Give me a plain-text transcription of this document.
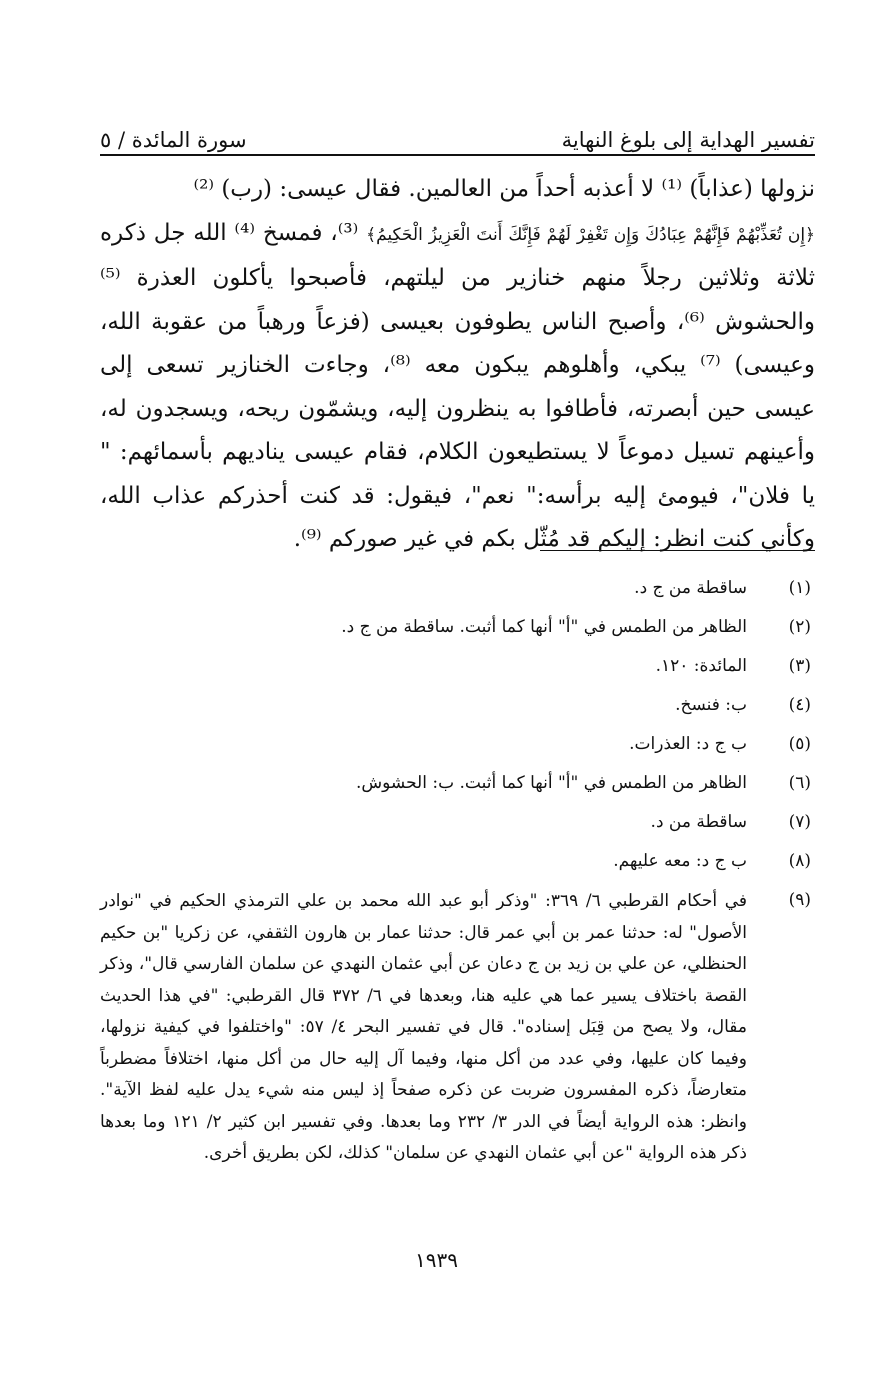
تفسير الهداية إلى بلوغ النهاية
سورة المائدة / ٥

نزولها (عذاباً) ⁽¹⁾ لا أعذبه أحداً من العالمين. فقال عيسى: (رب) ⁽²⁾
﴿إِن تُعَذِّبْهُمْ فَإِنَّهُمْ عِبَادُكَ وَإِن تَغْفِرْ لَهُمْ فَإِنَّكَ أَنتَ الْعَزِيزُ الْحَكِيمُ﴾ ⁽³⁾، فمسخ ⁽⁴⁾ الله جل ذكره ثلاثة وثلاثين رجلاً منهم خنازير من ليلتهم، فأصبحوا يأكلون العذرة ⁽⁵⁾ والحشوش ⁽⁶⁾، وأصبح الناس يطوفون بعيسى (فزعاً ورهباً من عقوبة الله، وعيسى) ⁽⁷⁾ يبكي، وأهلوهم يبكون معه ⁽⁸⁾، وجاءت الخنازير تسعى إلى عيسى حين أبصرته، فأطافوا به ينظرون إليه، ويشمّون ريحه، ويسجدون له، وأعينهم تسيل دموعاً لا يستطيعون الكلام، فقام عيسى يناديهم بأسمائهم: " يا فلان"، فيومئ إليه برأسه:" نعم"، فيقول: قد كنت أحذركم عذاب الله، وكأني كنت انظر: إليكم قد مُثّل بكم في غير صوركم ⁽⁹⁾.

(١)
ساقطة من ج د.
(٢)
الظاهر من الطمس في "أ" أنها كما أثبت. ساقطة من ج د.
(٣)
المائدة: ١٢٠.
(٤)
ب: فنسخ.
(٥)
ب ج د: العذرات.
(٦)
الظاهر من الطمس في "أ" أنها كما أثبت. ب: الحشوش.
(٧)
ساقطة من د.
(٨)
ب ج د: معه عليهم.
(٩)
في أحكام القرطبي ٦/ ٣٦٩: "وذكر أبو عبد الله محمد بن علي الترمذي الحكيم في "نوادر الأصول" له: حدثنا عمر بن أبي عمر قال: حدثنا عمار بن هارون الثقفي، عن زكريا "بن حكيم الحنظلي، عن علي بن زيد بن ج دعان عن أبي عثمان النهدي عن سلمان الفارسي قال"، وذكر القصة باختلاف يسير عما هي عليه هنا، وبعدها في ٦/ ٣٧٢ قال القرطبي: "في هذا الحديث مقال، ولا يصح من قِبَل إسناده". قال في تفسير البحر ٤/ ٥٧: "واختلفوا في كيفية نزولها، وفيما كان عليها، وفي عدد من أكل منها، وفيما آل إليه حال من أكل منها، اختلافاً مضطرباً متعارضاً، ذكره المفسرون ضربت عن ذكره صفحاً إذ ليس منه شيء يدل عليه لفظ الآية". وانظر: هذه الرواية أيضاً في الدر ٣/ ٢٣٢ وما بعدها. وفي تفسير ابن كثير ٢/ ١٢١ وما بعدها ذكر هذه الرواية "عن أبي عثمان النهدي عن سلمان" كذلك، لكن بطريق أخرى.
١٩٣٩
